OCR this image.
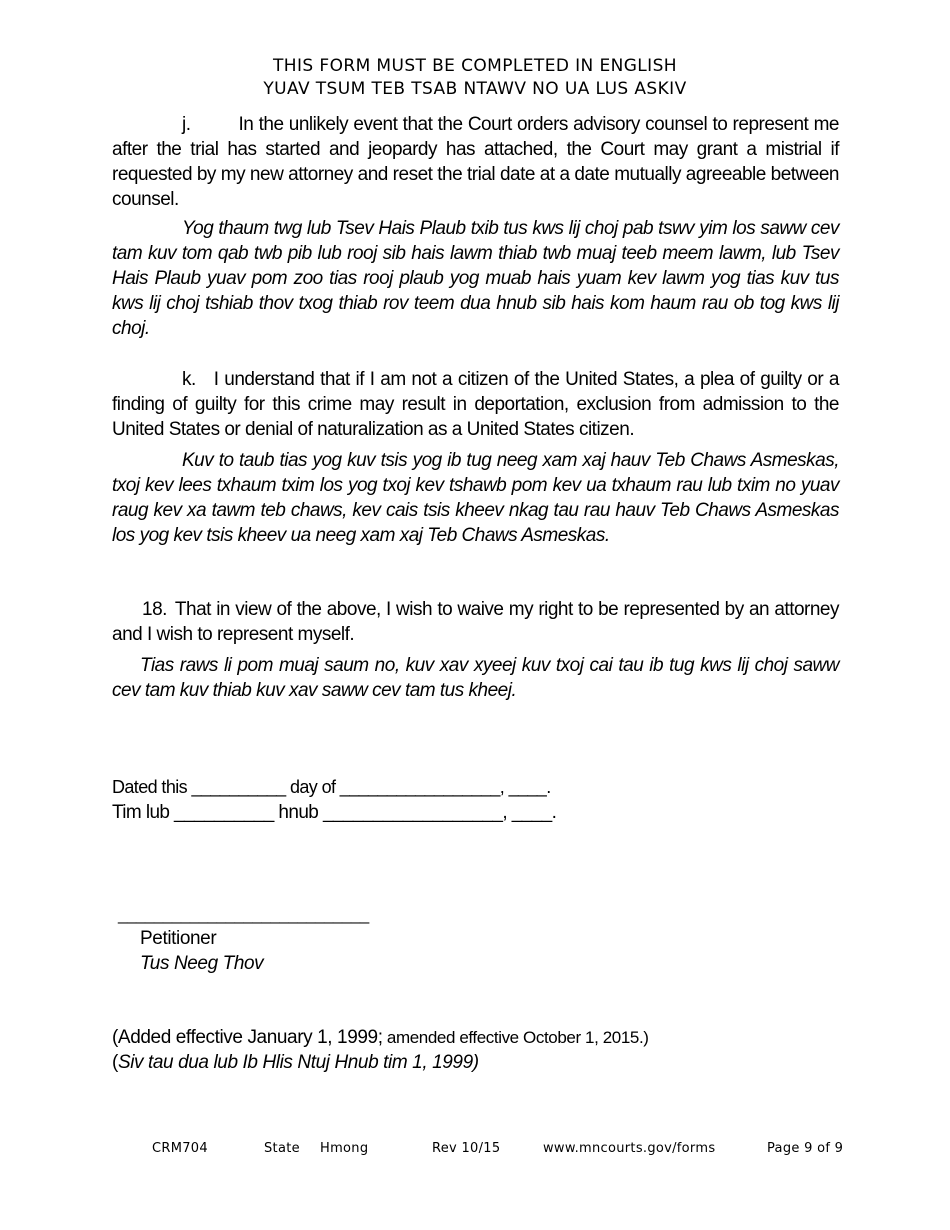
THIS FORM MUST BE COMPLETED IN ENGLISH
YUAV TSUM TEB TSAB NTAWV NO UA LUS ASKIV
j.	In the unlikely event that the Court orders advisory counsel to represent me after the trial has started and jeopardy has attached, the Court may grant a mistrial if requested by my new attorney and reset the trial date at a date mutually agreeable between counsel.
Yog thaum twg lub Tsev Hais Plaub txib tus kws lij choj pab tswv yim los saww cev tam kuv tom qab twb pib lub rooj sib hais lawm thiab twb muaj teeb meem lawm, lub Tsev Hais Plaub yuav pom zoo tias rooj plaub yog muab hais yuam kev lawm yog tias kuv tus kws lij choj tshiab thov txog thiab rov teem dua hnub sib hais kom haum rau ob tog kws lij choj.
k. I understand that if I am not a citizen of the United States, a plea of guilty or a finding of guilty for this crime may result in deportation, exclusion from admission to the United States or denial of naturalization as a United States citizen.
Kuv to taub tias yog kuv tsis yog ib tug neeg xam xaj hauv Teb Chaws Asmeskas, txoj kev lees txhaum txim los yog txoj kev tshawb pom kev ua txhaum rau lub txim no yuav raug kev xa tawm teb chaws, kev cais tsis kheev nkag tau rau hauv Teb Chaws Asmeskas los yog kev tsis kheev ua neeg xam xaj Teb Chaws Asmeskas.
18. That in view of the above, I wish to waive my right to be represented by an attorney and I wish to represent myself.
Tias raws li pom muaj saum no, kuv xav xyeej kuv txoj cai tau ib tug kws lij choj saww cev tam kuv thiab kuv xav saww cev tam tus kheej.
Dated this __________ day of _________________, ____.
Tim lub __________ hnub __________________, ____.
____________________________
Petitioner
Tus Neeg Thov
(Added effective January 1, 1999; amended effective October 1, 2015.)
(Siv tau dua lub Ib Hlis Ntuj Hnub tim 1, 1999)
CRM704	State Hmong	Rev 10/15	www.mncourts.gov/forms	Page 9 of 9
